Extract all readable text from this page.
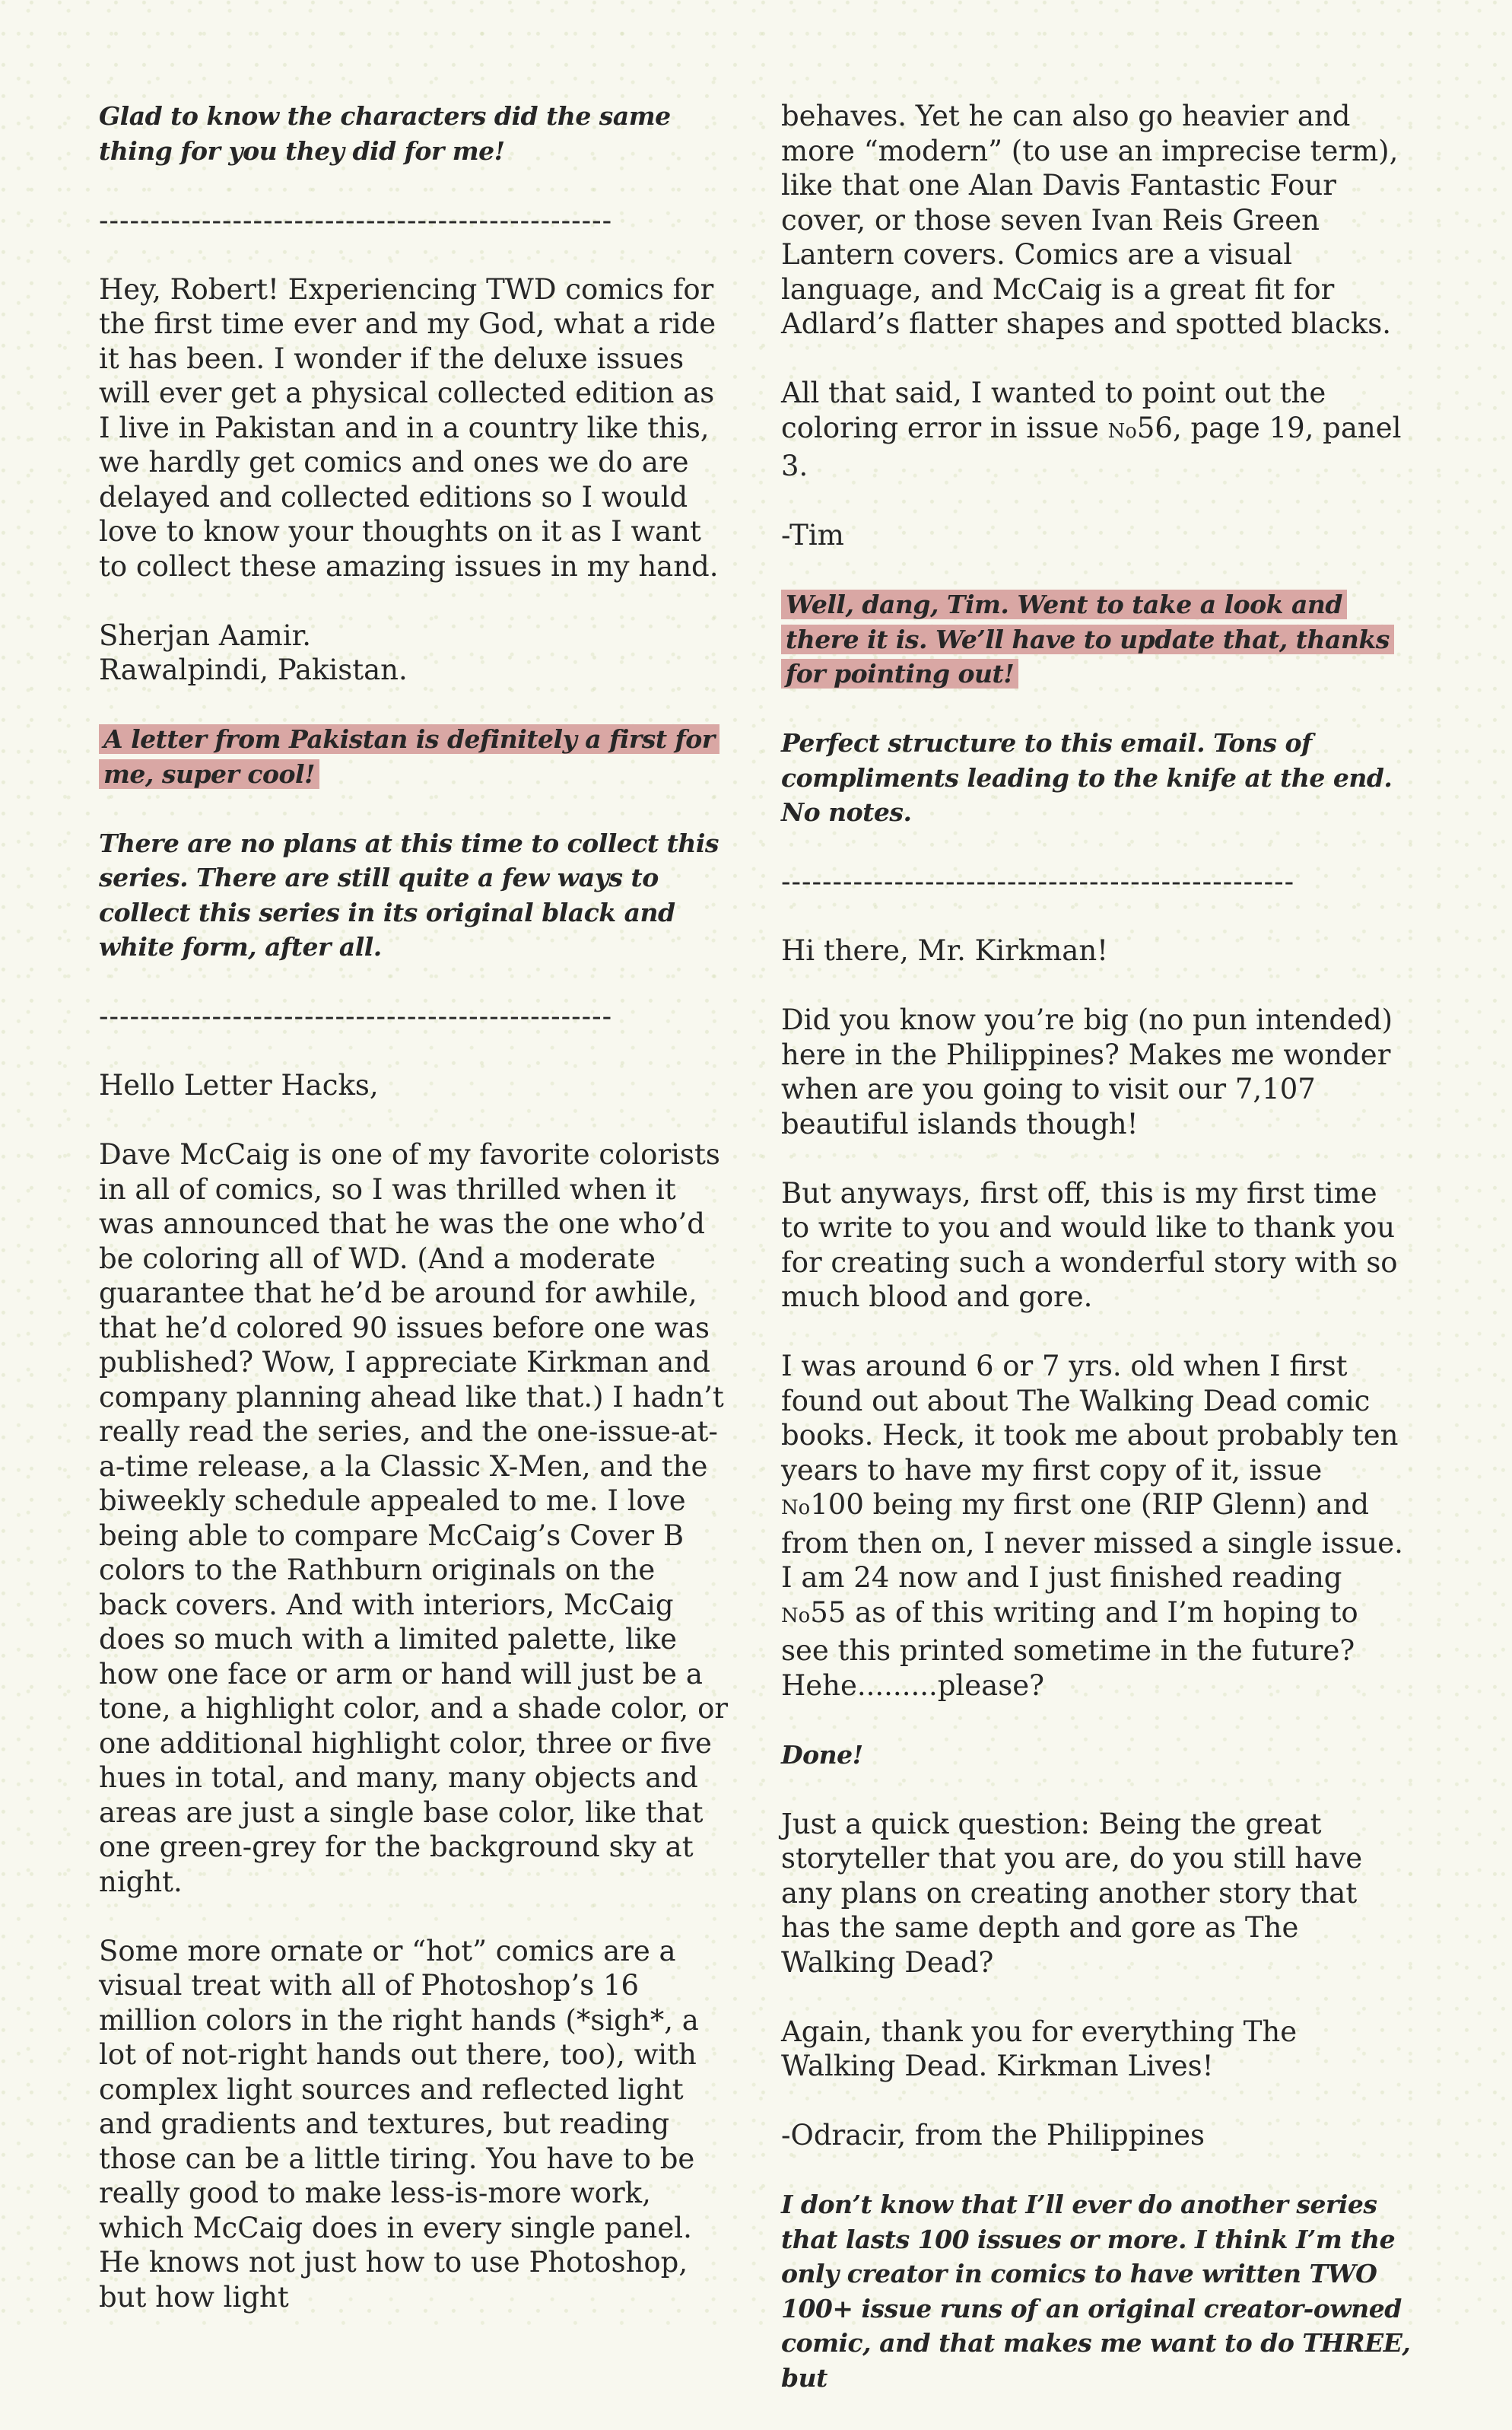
Glad to know the characters did the same thing for you they did for me!

--------------------------------------------------

Hey, Robert! Experiencing TWD comics for the first time ever and my God, what a ride it has been. I wonder if the deluxe issues will ever get a physical collected edition as I live in Pakistan and in a country like this, we hardly get comics and ones we do are delayed and collected editions so I would love to know your thoughts on it as I want to collect these amazing issues in my hand.

Sherjan Aamir.

Rawalpindi, Pakistan.

A letter from Pakistan is definitely a first for me, super cool!

There are no plans at this time to collect this series. There are still quite a few ways to collect this series in its original black and white form, after all.

--------------------------------------------------

Hello Letter Hacks,

Dave McCaig is one of my favorite colorists in all of comics, so I was thrilled when it was announced that he was the one who’d be coloring all of WD. (And a moderate guarantee that he’d be around for awhile, that he’d colored 90 issues before one was published? Wow, I appreciate Kirkman and company planning ahead like that.) I hadn’t really read the series, and the one-issue-at-a-time release, a la Classic X-Men, and the biweekly schedule appealed to me. I love being able to compare McCaig’s Cover B colors to the Rathburn originals on the back covers. And with interiors, McCaig does so much with a limited palette, like how one face or arm or hand will just be a tone, a highlight color, and a shade color, or one additional highlight color, three or five hues in total, and many, many objects and areas are just a single base color, like that one green-grey for the background sky at night.

Some more ornate or “hot” comics are a visual treat with all of Photoshop’s 16 million colors in the right hands (*sigh*, a lot of not-right hands out there, too), with complex light sources and reflected light and gradients and textures, but reading those can be a little tiring. You have to be really good to make less-is-more work, which McCaig does in every single panel. He knows not just how to use Photoshop, but how light

behaves. Yet he can also go heavier and more “modern” (to use an imprecise term), like that one Alan Davis Fantastic Four cover, or those seven Ivan Reis Green Lantern covers. Comics are a visual language, and McCaig is a great fit for Adlard’s flatter shapes and spotted blacks.

All that said, I wanted to point out the coloring error in issue No56, page 19, panel 3.

-Tim

Well, dang, Tim. Went to take a look and there it is. We’ll have to update that, thanks for pointing out!

Perfect structure to this email. Tons of compliments leading to the knife at the end. No notes.

--------------------------------------------------

Hi there, Mr. Kirkman!

Did you know you’re big (no pun intended) here in the Philippines? Makes me wonder when are you going to visit our 7,107 beautiful islands though!

But anyways, first off, this is my first time to write to you and would like to thank you for creating such a wonderful story with so much blood and gore.

I was around 6 or 7 yrs. old when I first found out about The Walking Dead comic books. Heck, it took me about probably ten years to have my first copy of it, issue No100 being my first one (RIP Glenn) and from then on, I never missed a single issue. I am 24 now and I just finished reading No55 as of this writing and I’m hoping to see this printed sometime in the future? Hehe.........please?

Done!

Just a quick question: Being the great storyteller that you are, do you still have any plans on creating another story that has the same depth and gore as The Walking Dead?

Again, thank you for everything The Walking Dead. Kirkman Lives!

-Odracir, from the Philippines

I don’t know that I’ll ever do another series that lasts 100 issues or more. I think I’m the only creator in comics to have written TWO 100+ issue runs of an original creator-owned comic, and that makes me want to do THREE, but
